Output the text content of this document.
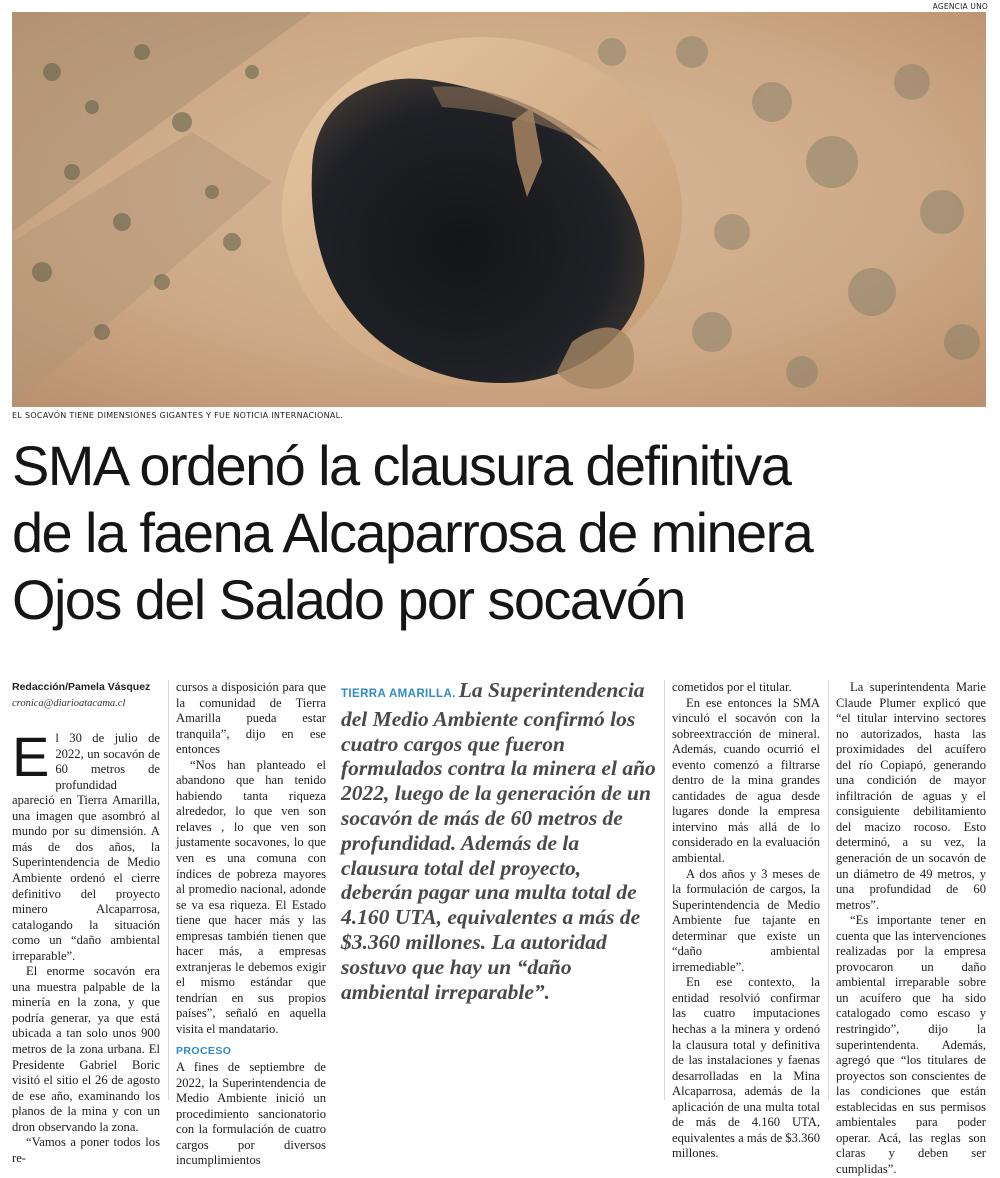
AGENCIA UNO
EL SOCAVÓN TIENE DIMENSIONES GIGANTES Y FUE NOTICIA INTERNACIONAL.
SMA ordenó la clausura definitiva
de la faena Alcaparrosa de minera
Ojos del Salado por socavón
Redacción/Pamela Vásquez
cronica@diarioatacama.cl

El 30 de julio de 2022, un socavón de 60 metros de profundidad apareció en Tierra Amarilla, una imagen que asombró al mundo por su dimensión. A más de dos años, la Superintendencia de Medio Ambiente ordenó el cierre definitivo del proyecto minero Alcaparrosa, catalogando la situación como un “daño ambiental irreparable”.

El enorme socavón era una muestra palpable de la minería en la zona, y que podría generar, ya que está ubicada a tan solo unos 900 metros de la zona urbana. El Presidente Gabriel Boric visitó el sitio el 26 de agosto de ese año, examinando los planos de la mina y con un dron observando la zona.

“Vamos a poner todos los re-

cursos a disposición para que la comunidad de Tierra Amarilla pueda estar tranquila”, dijo en ese entonces

“Nos han planteado el abandono que han tenido habiendo tanta riqueza alrededor, lo que ven son relaves , lo que ven son justamente socavones, lo que ven es una comuna con índices de pobreza mayores al promedio nacional, adonde se va esa riqueza. El Estado tiene que hacer más y las empresas también tienen que hacer más, a empresas extranjeras le debemos exigir el mismo estándar que tendrían en sus propios países”, señaló en aquella visita el mandatario.

PROCESO

A fines de septiembre de 2022, la Superintendencia de Medio Ambiente inició un procedimiento sancionatorio con la formulación de cuatro cargos por diversos incumplimientos

TIERRA AMARILLA. La Superintendencia del Medio Ambiente confirmó los cuatro cargos que fueron formulados contra la minera el año 2022, luego de la generación de un socavón de más de 60 metros de profundidad. Además de la clausura total del proyecto, deberán pagar una multa total de 4.160 UTA, equivalentes a más de $3.360 millones. La autoridad sostuvo que hay un “daño ambiental irreparable”.

cometidos por el titular.

En ese entonces la SMA vinculó el socavón con la sobreextracción de mineral. Además, cuando ocurrió el evento comenzó a filtrarse dentro de la mina grandes cantidades de agua desde lugares donde la empresa intervino más allá de lo considerado en la evaluación ambiental.

A dos años y 3 meses de la formulación de cargos, la Superintendencia de Medio Ambiente fue tajante en determinar que existe un “daño ambiental irremediable”.

En ese contexto, la entidad resolvió confirmar las cuatro imputaciones hechas a la minera y ordenó la clausura total y definitiva de las instalaciones y faenas desarrolladas en la Mina Alcaparrosa, además de la aplicación de una multa total de más de 4.160 UTA, equivalentes a más de $3.360 millones.

La superintendenta Marie Claude Plumer explicó que “el titular intervino sectores no autorizados, hasta las proximidades del acuífero del río Copiapó, generando una condición de mayor infiltración de aguas y el consiguiente debilitamiento del macizo rocoso. Esto determinó, a su vez, la generación de un socavón de un diámetro de 49 metros, y una profundidad de 60 metros”.

“Es importante tener en cuenta que las intervenciones realizadas por la empresa provocaron un daño ambiental irreparable sobre un acuífero que ha sido catalogado como escaso y restringido”, dijo la superintendenta. Además, agregó que “los titulares de proyectos son conscientes de las condiciones que están establecidas en sus permisos ambientales para poder operar. Acá, las reglas son claras y deben ser cumplidas”.
